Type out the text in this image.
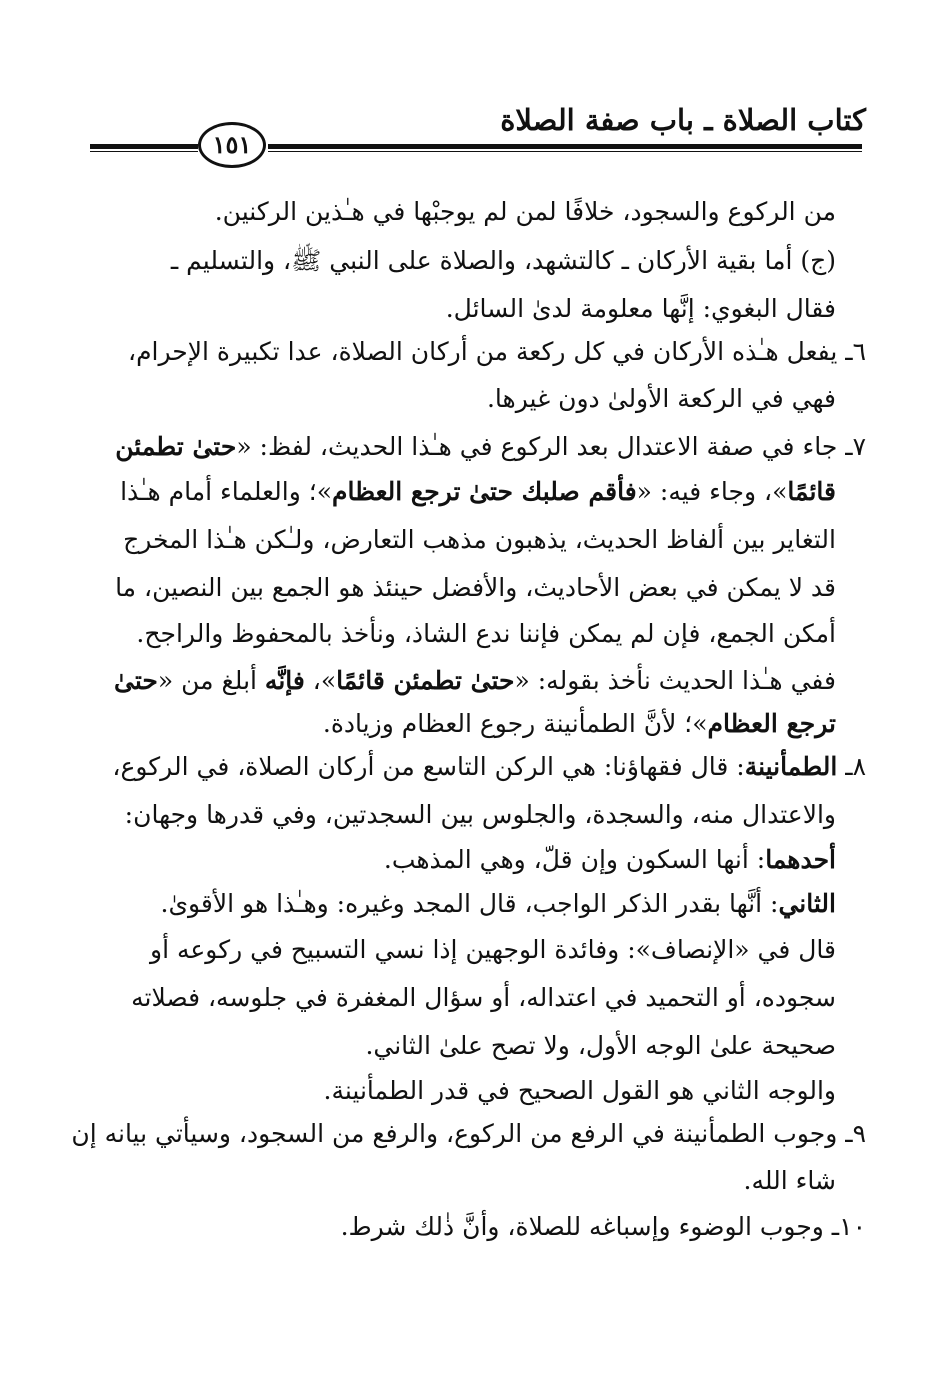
كتاب الصلاة ـ باب صفة الصلاة
١٥١
من الركوع والسجود، خلافًا لمن لم يوجبْها في هـٰذين الركنين.
(ج) أما بقية الأركان ـ كالتشهد، والصلاة على النبي ﷺ، والتسليم ـ
فقال البغوي: إنَّها معلومة لدىٰ السائل.
٦ـ يفعل هـٰذه الأركان في كل ركعة من أركان الصلاة، عدا تكبيرة الإحرام،
فهي في الركعة الأولىٰ دون غيرها.
٧ـ جاء في صفة الاعتدال بعد الركوع في هـٰذا الحديث، لفظ: «حتىٰ تطمئن
قائمًا»، وجاء فيه: «فأقم صلبك حتىٰ ترجع العظام»؛ والعلماء أمام هـٰذا
التغاير بين ألفاظ الحديث، يذهبون مذهب التعارض، ولـٰكن هـٰذا المخرج
قد لا يمكن في بعض الأحاديث، والأفضل حينئذ هو الجمع بين النصين، ما
أمكن الجمع، فإن لم يمكن فإننا ندع الشاذ، ونأخذ بالمحفوظ والراجح.
ففي هـٰذا الحديث نأخذ بقوله: «حتىٰ تطمئن قائمًا»، فإنَّه أبلغ من «حتىٰ
ترجع العظام»؛ لأنَّ الطمأنينة رجوع العظام وزيادة.
٨ـ الطمأنينة: قال فقهاؤنا: هي الركن التاسع من أركان الصلاة، في الركوع،
والاعتدال منه، والسجدة، والجلوس بين السجدتين، وفي قدرها وجهان:
أحدهما: أنها السكون وإن قلّ، وهي المذهب.
الثاني: أنَّها بقدر الذكر الواجب، قال المجد وغيره: وهـٰذا هو الأقوىٰ.
قال في «الإنصاف»: وفائدة الوجهين إذا نسي التسبيح في ركوعه أو
سجوده، أو التحميد في اعتداله، أو سؤال المغفرة في جلوسه، فصلاته
صحيحة علىٰ الوجه الأول، ولا تصح علىٰ الثاني.
والوجه الثاني هو القول الصحيح في قدر الطمأنينة.
٩ـ وجوب الطمأنينة في الرفع من الركوع، والرفع من السجود، وسيأتي بيانه إن
شاء الله.
١٠ـ وجوب الوضوء وإسباغه للصلاة، وأنَّ ذٰلك شرط.
